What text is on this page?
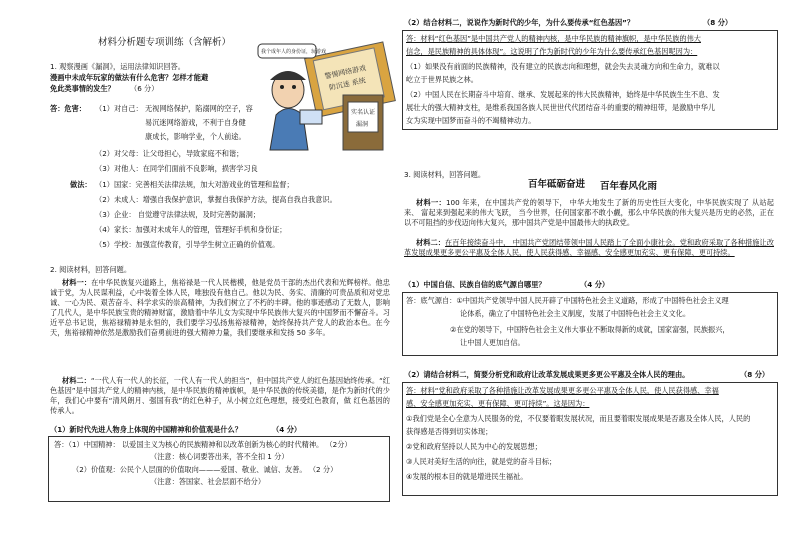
材料分析题专项训练（含解析）
1. 观察漫画《漏洞》，运用法律知识回答。
漫画中未成年玩家的做法有什么危害？怎样才能避
免此类事情的发生？ （6 分）
答：危害： （1）对自己： 无视网络保护，陷溺网的空子，容
易沉迷网络游戏，不利于自身健
康成长，影响学业，个人前途。
（2）对父母：让父母担心，导致家庭不和谐；
（3）对他人：在同学们面前不良影响，损害学习良
做法： （1）国家：完善相关法律法规，加大对游戏业的管理和监督；
（2）未成人：增强自我保护意识，掌握自我保护方法，提高自我自我意识。
（3）企业： 自觉遵守法律法规，及时完善防漏洞；
（4）家长：加强对未成年人的管理，管理好手机和身份证；
（5）学校：加强宣传教育，引导学生树立正确的价值观。
警惕网络游戏
防沉迷 系统
实名认证
漏洞
我个成年人的身份证，玩游戏
2. 阅读材料，回答问题。
材料一：在中华民族复兴道路上，焦裕禄是一代人民楷模，他是党员干部的杰出代表和光辉榜样。他忠诚于党，为人民谋利益，心中装着全体人民，唯独没有他自己。他以为民、务实、清廉的可贵品质和对党忠诚、一心为民、艰苦奋斗、科学求实的崇高精神，为我们树立了不朽的丰碑。他的事迹感动了无数人，影响了几代人，是中华民族宝贵的精神财富，激励着中华儿女为实现中华民族伟大复兴的中国梦而不懈奋斗。习近平总书记说，焦裕禄精神是永恒的，我们要学习弘扬焦裕禄精神，始终保持共产党人的政治本色。在今天，焦裕禄精神依然是激励我们奋勇前进的强大精神力量，我们要继承和发扬 50 多年。
材料二：“一代人有一代人的长征，一代人有一代人的担当”，但中国共产党人的红色基因始终传承。“红色基因”是中国共产党人的精神内核，是中华民族的精神旗帜，是中华民族的传统美德，是作为新时代的少年，我们心中要有“清风朗月、强国有我”的红色种子，从小树立红色理想，接受红色教育，做 红色基因的传承人。
（1）新时代先进人物身上体现的中国精神和价值观是什么？	（4 分）
答：（1）中国精神： 以爱国主义为核心的民族精神和以改革创新为核心的时代精神。 （2分）
（注意：核心词要答出来，答不全扣 1 分）
（2）价值观：公民个人层面的价值取向———爱国、敬业、诚信、友善。 （2 分）
（注意：答国家、社会层面不给分）
（2）结合材料二，说说作为新时代的少年，为什么要传承“红色基因”？	（8 分）
答：材料“红色基因”是中国共产党人的精神内核，是中华民族的精神旗帜，是中华民族的伟大
信念，是民族精神的具体体现”。这说明了作为新时代的少年为什么要传承红色基因呢因为：
（1）如果没有前面的民族精神，没有建立的民族志向和理想，就会失去灵魂方向和生命力，就难以
屹立于世界民族之林。
（2）中国人民在长期奋斗中培育、继承、发展起来的伟大民族精神，始终是中华民族生生不息、发
展壮大的强大精神支柱，是维系我国各族人民世世代代团结奋斗的重要的精神纽带，是激励中华儿
女为实现中国梦而奋斗的不竭精神动力。
3. 阅读材料，回答问题。
百年砥砺奋进 百年春风化雨
材料一：100 年来，在中国共产党的领导下， 中华大地发生了新的历史性巨大变化，中华民族实现了 从站起来、 富起来到强起来的伟大飞跃， 当今世界，任何国家都不敢小觑，那么中华民族的伟大复兴是历史的必然，正在以不可阻挡的步伐迈向伟大复兴，那中国共产党是中国最伟大的执政党。
材料二：在百年接续奋斗中， 中国共产党团结带领中国人民踏上了全面小康社会。党和政府采取了各种措施让改革发展成果更多更公平惠及全体人民，使人民获得感、幸福感、安全感更加充实、更有保障、更可持续。
（1）中国自信、民族自信的底气源自哪里？	（4 分）
答：底气源自：①中国共产党领导中国人民开辟了中国特色社会主义道路，形成了中国特色社会主义理
论体系，确立了中国特色社会主义制度，发展了中国特色社会主义文化。
②在党的领导下，中国特色社会主义伟大事业不断取得新的成就，国家富强，民族振兴，
让中国人更加自信。
（2）请结合材料二，简要分析党和政府让改革发展成果更多更公平惠及全体人民的理由。	（8 分）
答：材料“党和政府采取了各种措施让改革发展成果更多更公平惠及全体人民，使人民获得感、幸福
感、安全感更加充实、更有保障、更可持续”。这是因为：
①我们党是全心全意为人民服务的党，不仅要着眼发展状况，而且要着眼发展成果是否惠及全体人民，人民的
获得感是否得到切实体现；
②党和政府坚持以人民为中心的发展思想；
③人民对美好生活的向往，就是党的奋斗目标；
④发展的根本目的就是增进民生福祉。
